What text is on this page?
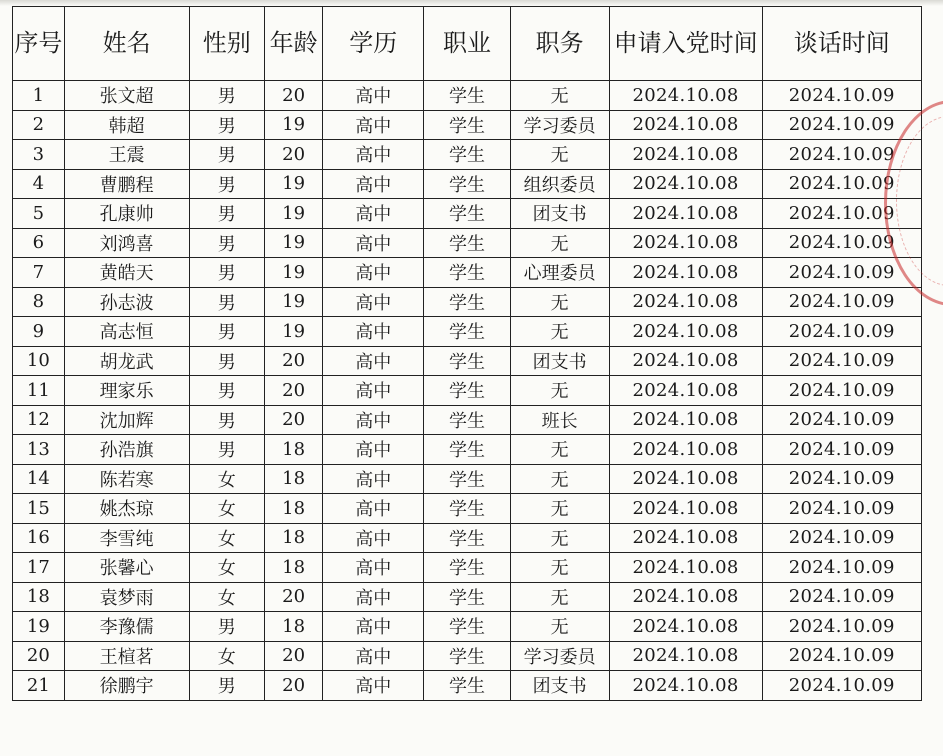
序号	姓名	性别	年龄	学历	职业	职务	申请入党时间	谈话时间
1	张文超	男	20	高中	学生	无	2024.10.08	2024.10.09
2	韩超	男	19	高中	学生	学习委员	2024.10.08	2024.10.09
3	王震	男	20	高中	学生	无	2024.10.08	2024.10.09
4	曹鹏程	男	19	高中	学生	组织委员	2024.10.08	2024.10.09
5	孔康帅	男	19	高中	学生	团支书	2024.10.08	2024.10.09
6	刘鸿喜	男	19	高中	学生	无	2024.10.08	2024.10.09
7	黄皓天	男	19	高中	学生	心理委员	2024.10.08	2024.10.09
8	孙志波	男	19	高中	学生	无	2024.10.08	2024.10.09
9	高志恒	男	19	高中	学生	无	2024.10.08	2024.10.09
10	胡龙武	男	20	高中	学生	团支书	2024.10.08	2024.10.09
11	理家乐	男	20	高中	学生	无	2024.10.08	2024.10.09
12	沈加辉	男	20	高中	学生	班长	2024.10.08	2024.10.09
13	孙浩旗	男	18	高中	学生	无	2024.10.08	2024.10.09
14	陈若寒	女	18	高中	学生	无	2024.10.08	2024.10.09
15	姚杰琼	女	18	高中	学生	无	2024.10.08	2024.10.09
16	李雪纯	女	18	高中	学生	无	2024.10.08	2024.10.09
17	张馨心	女	18	高中	学生	无	2024.10.08	2024.10.09
18	袁梦雨	女	20	高中	学生	无	2024.10.08	2024.10.09
19	李豫儒	男	18	高中	学生	无	2024.10.08	2024.10.09
20	王楦茗	女	20	高中	学生	学习委员	2024.10.08	2024.10.09
21	徐鹏宇	男	20	高中	学生	团支书	2024.10.08	2024.10.09
